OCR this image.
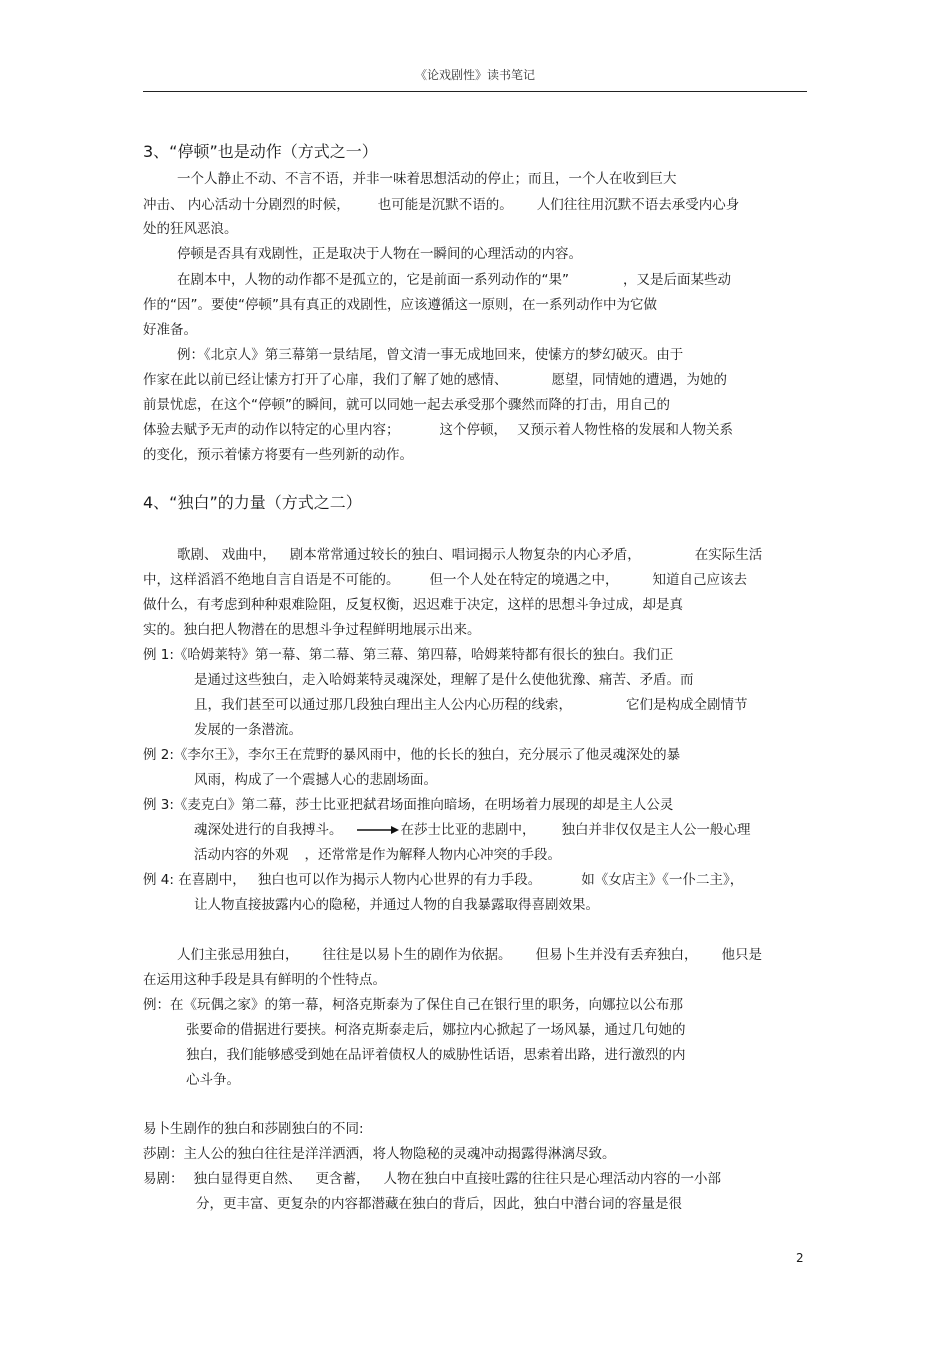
《论戏剧性》读书笔记
3、“停顿”也是动作（方式之一）
一个人静止不动、不言不语，并非一味着思想活动的停止；而且，一个人在收到巨大
冲击、 内心活动十分剧烈的时候， 也可能是沉默不语的。 人们往往用沉默不语去承受内心身
处的狂风恶浪。
停顿是否具有戏剧性，正是取决于人物在一瞬间的心理活动的内容。
在剧本中，人物的动作都不是孤立的，它是前面一系列动作的“果”	，又是后面某些动
作的“因”。要使“停顿”具有真正的戏剧性，应该遵循这一原则，在一系列动作中为它做
好准备。
例：《北京人》第三幕第一景结尾，曾文清一事无成地回来，使愫方的梦幻破灭。由于
作家在此以前已经让愫方打开了心扉，我们了解了她的感情、	愿望，同情她的遭遇，为她的
前景忧虑，在这个“停顿”的瞬间，就可以同她一起去承受那个骤然而降的打击，用自己的
体验去赋予无声的动作以特定的心里内容；	这个停顿， 又预示着人物性格的发展和人物关系
的变化，预示着愫方将要有一些列新的动作。
4、“独白”的力量（方式之二）
歌剧、 戏曲中， 剧本常常通过较长的独白、唱词揭示人物复杂的内心矛盾，	在实际生活
中，这样滔滔不绝地自言自语是不可能的。 但一个人处在特定的境遇之中，	知道自己应该去
做什么，有考虑到种种艰难险阻，反复权衡，迟迟难于决定，这样的思想斗争过成，却是真
实的。独白把人物潜在的思想斗争过程鲜明地展示出来。
例 1:《哈姆莱特》第一幕、第二幕、第三幕、第四幕，哈姆莱特都有很长的独白。我们正
是通过这些独白，走入哈姆莱特灵魂深处，理解了是什么使他犹豫、痛苦、矛盾。而
且，我们甚至可以通过那几段独白理出主人公内心历程的线索，	它们是构成全剧情节
发展的一条潜流。
例 2:《李尔王》，李尔王在荒野的暴风雨中，他的长长的独白，充分展示了他灵魂深处的暴
风雨，构成了一个震撼人心的悲剧场面。
例 3:《麦克白》第二幕，莎士比亚把弑君场面推向暗场，在明场着力展现的却是主人公灵
魂深处进行的自我搏斗。	在莎士比亚的悲剧中， 独白并非仅仅是主人公一般心理
活动内容的外观 ，还常常是作为解释人物内心冲突的手段。
例 4: 在喜剧中， 独白也可以作为揭示人物内心世界的有力手段。	如《女店主》《一仆二主》，
让人物直接披露内心的隐秘，并通过人物的自我暴露取得喜剧效果。
人们主张忌用独白， 往往是以易卜生的剧作为依据。 但易卜生并没有丢弃独白， 他只是
在运用这种手段是具有鲜明的个性特点。
例：在《玩偶之家》的第一幕，柯洛克斯泰为了保住自己在银行里的职务，向娜拉以公布那
张要命的借据进行要挟。柯洛克斯泰走后，娜拉内心掀起了一场风暴，通过几句她的
独白，我们能够感受到她在品评着债权人的威胁性话语，思索着出路，进行激烈的内
心斗争。
易卜生剧作的独白和莎剧独白的不同:
莎剧：主人公的独白往往是洋洋洒洒，将人物隐秘的灵魂冲动揭露得淋漓尽致。
易剧： 独白显得更自然、 更含蓄， 人物在独白中直接吐露的往往只是心理活动内容的一小部
分，更丰富、更复杂的内容都潜藏在独白的背后，因此，独白中潜台词的容量是很
2
